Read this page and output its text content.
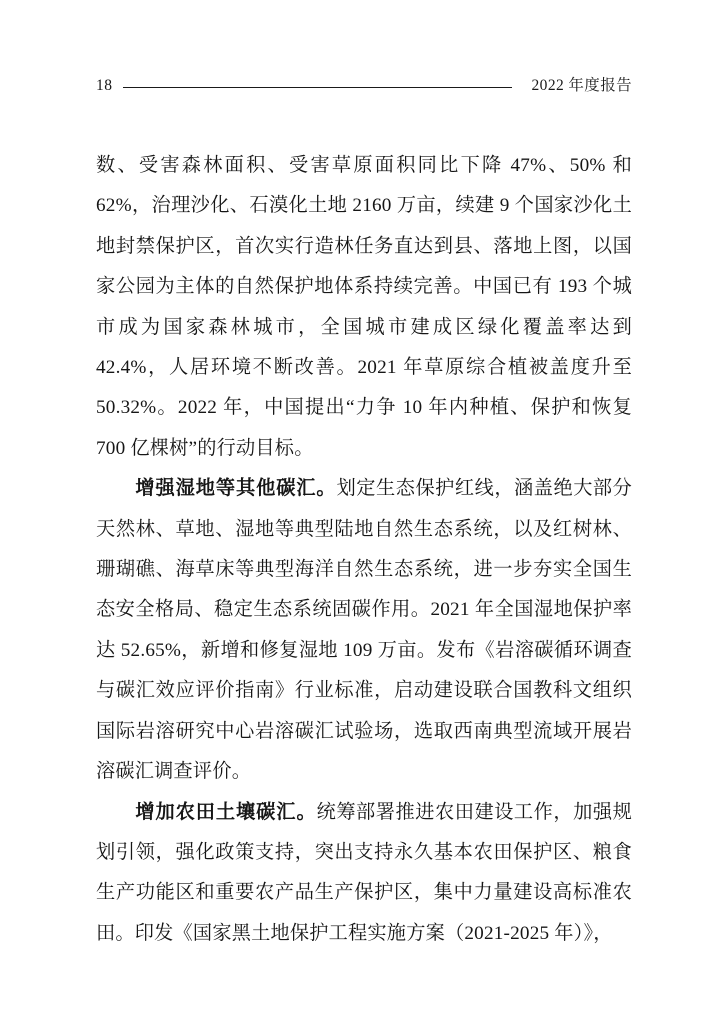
18	2022 年度报告

数、受害森林面积、受害草原面积同比下降 47%、50% 和 62%，治理沙化、石漠化土地 2160 万亩，续建 9 个国家沙化土地封禁保护区，首次实行造林任务直达到县、落地上图，以国家公园为主体的自然保护地体系持续完善。中国已有 193 个城市成为国家森林城市，全国城市建成区绿化覆盖率达到 42.4%，人居环境不断改善。2021 年草原综合植被盖度升至 50.32%。2022 年，中国提出“力争 10 年内种植、保护和恢复 700 亿棵树”的行动目标。

增强湿地等其他碳汇。划定生态保护红线，涵盖绝大部分天然林、草地、湿地等典型陆地自然生态系统，以及红树林、珊瑚礁、海草床等典型海洋自然生态系统，进一步夯实全国生态安全格局、稳定生态系统固碳作用。2021 年全国湿地保护率达 52.65%，新增和修复湿地 109 万亩。发布《岩溶碳循环调查与碳汇效应评价指南》行业标准，启动建设联合国教科文组织国际岩溶研究中心岩溶碳汇试验场，选取西南典型流域开展岩溶碳汇调查评价。

增加农田土壤碳汇。统筹部署推进农田建设工作，加强规划引领，强化政策支持，突出支持永久基本农田保护区、粮食生产功能区和重要农产品生产保护区，集中力量建设高标准农田。印发《国家黑土地保护工程实施方案（2021-2025 年）》，
